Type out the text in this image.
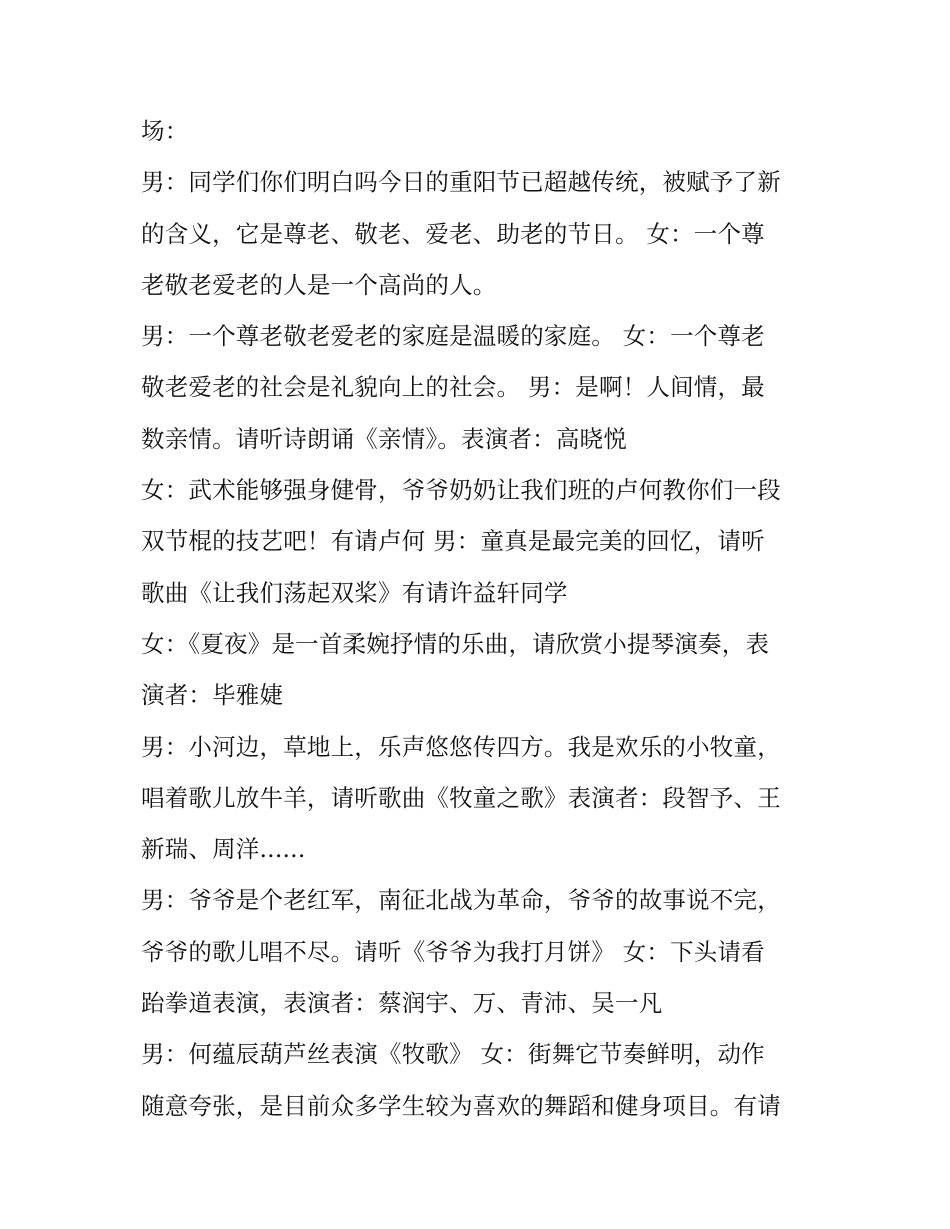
场：
男：同学们你们明白吗今日的重阳节已超越传统，被赋予了新
的含义，它是尊老、敬老、爱老、助老的节日。 女：一个尊
老敬老爱老的人是一个高尚的人。
男：一个尊老敬老爱老的家庭是温暖的家庭。 女：一个尊老
敬老爱老的社会是礼貌向上的社会。 男：是啊！人间情，最
数亲情。请听诗朗诵《亲情》。表演者：高晓悦
女：武术能够强身健骨，爷爷奶奶让我们班的卢何教你们一段
双节棍的技艺吧！有请卢何 男：童真是最完美的回忆，请听
歌曲《让我们荡起双桨》有请许益轩同学
女：《夏夜》是一首柔婉抒情的乐曲，请欣赏小提琴演奏，表
演者：毕雅婕
男：小河边，草地上，乐声悠悠传四方。我是欢乐的小牧童，
唱着歌儿放牛羊，请听歌曲《牧童之歌》表演者：段智予、王
新瑞、周洋......
男：爷爷是个老红军，南征北战为革命，爷爷的故事说不完，
爷爷的歌儿唱不尽。请听《爷爷为我打月饼》 女：下头请看
跆拳道表演，表演者：蔡润宇、万、青沛、吴一凡
男：何蕴辰葫芦丝表演《牧歌》 女：街舞它节奏鲜明，动作
随意夸张，是目前众多学生较为喜欢的舞蹈和健身项目。有请
